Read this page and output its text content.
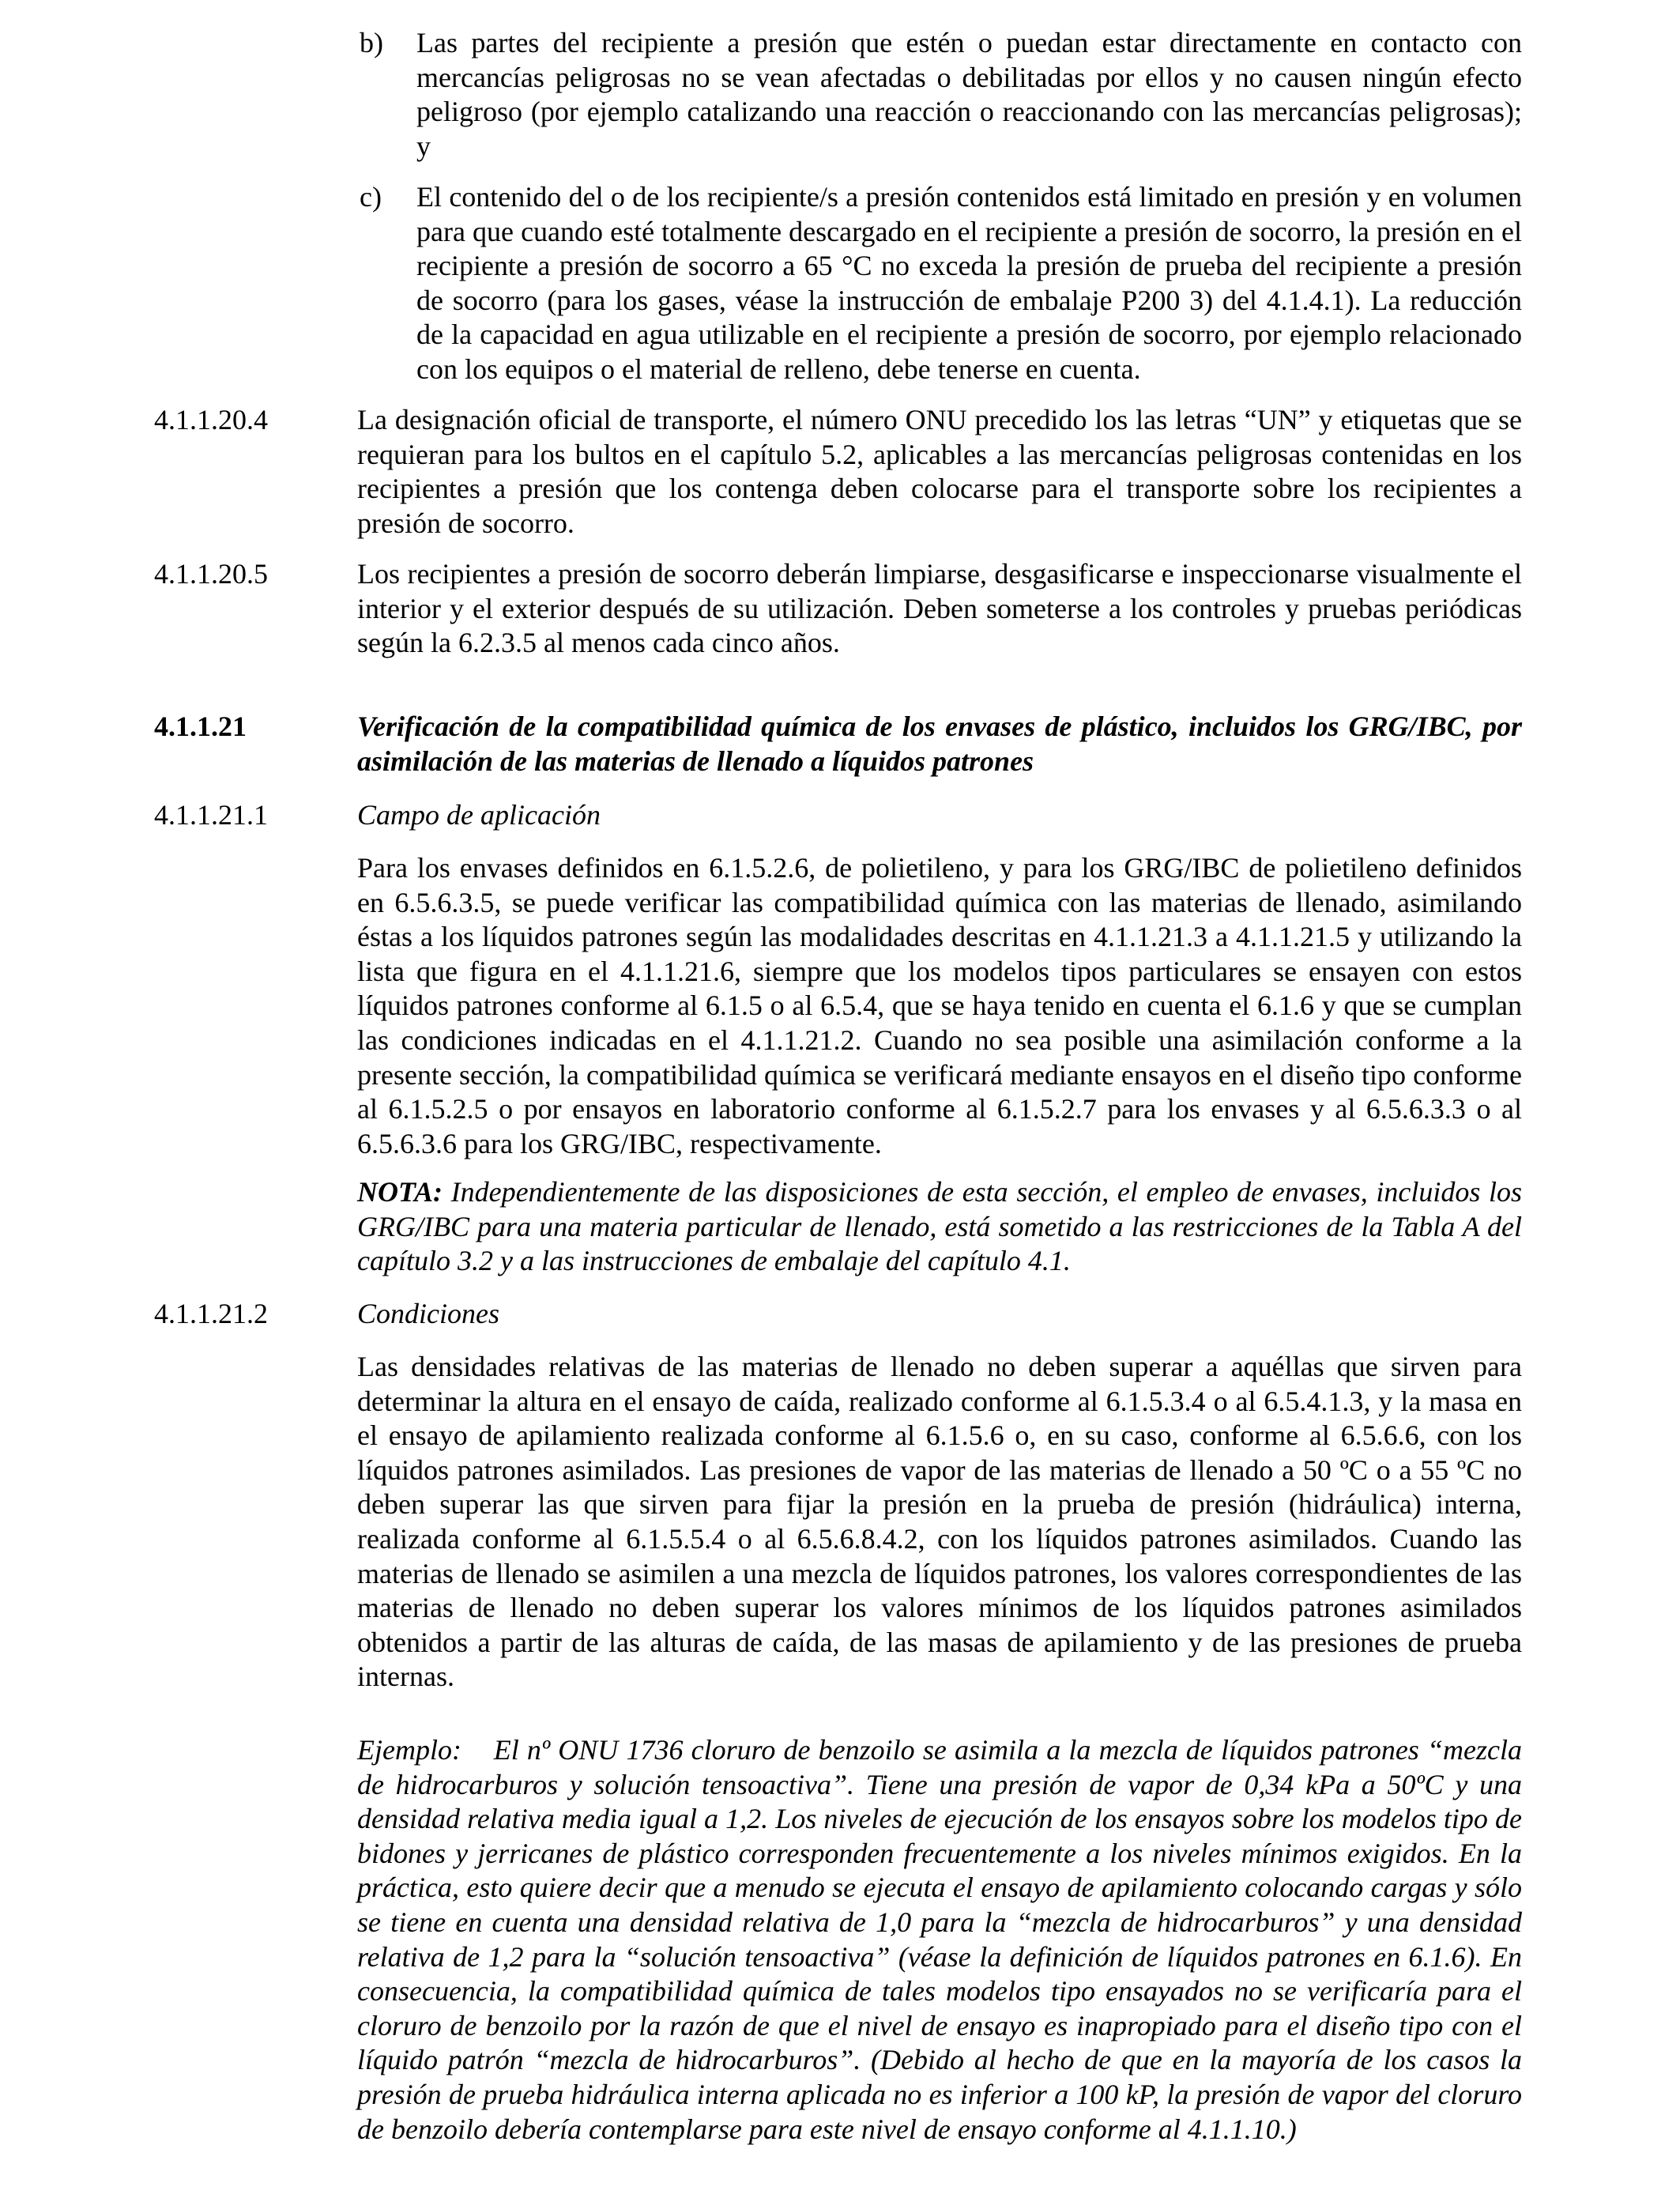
b) Las partes del recipiente a presión que estén o puedan estar directamente en contacto con mercancías peligrosas no se vean afectadas o debilitadas por ellos y no causen ningún efecto peligroso (por ejemplo catalizando una reacción o reaccionando con las mercancías peligrosas); y

c) El contenido del o de los recipiente/s a presión contenidos está limitado en presión y en volumen para que cuando esté totalmente descargado en el recipiente a presión de socorro, la presión en el recipiente a presión de socorro a 65 °C no exceda la presión de prueba del recipiente a presión de socorro (para los gases, véase la instrucción de embalaje P200 3) del 4.1.4.1). La reducción de la capacidad en agua utilizable en el recipiente a presión de socorro, por ejemplo relacionado con los equipos o el material de relleno, debe tenerse en cuenta.

4.1.1.20.4	La designación oficial de transporte, el número ONU precedido los las letras “UN” y etiquetas que se requieran para los bultos en el capítulo 5.2, aplicables a las mercancías peligrosas contenidas en los recipientes a presión que los contenga deben colocarse para el transporte sobre los recipientes a presión de socorro.

4.1.1.20.5	Los recipientes a presión de socorro deberán limpiarse, desgasificarse e inspeccionarse visualmente el interior y el exterior después de su utilización. Deben someterse a los controles y pruebas periódicas según la 6.2.3.5 al menos cada cinco años.

4.1.1.21	Verificación de la compatibilidad química de los envases de plástico, incluidos los GRG/IBC, por asimilación de las materias de llenado a líquidos patrones

4.1.1.21.1	Campo de aplicación

Para los envases definidos en 6.1.5.2.6, de polietileno, y para los GRG/IBC de polietileno definidos en 6.5.6.3.5, se puede verificar las compatibilidad química con las materias de llenado, asimilando éstas a los líquidos patrones según las modalidades descritas en 4.1.1.21.3 a 4.1.1.21.5 y utilizando la lista que figura en el 4.1.1.21.6, siempre que los modelos tipos particulares se ensayen con estos líquidos patrones conforme al 6.1.5 o al 6.5.4, que se haya tenido en cuenta el 6.1.6 y que se cumplan las condiciones indicadas en el 4.1.1.21.2. Cuando no sea posible una asimilación conforme a la presente sección, la compatibilidad química se verificará mediante ensayos en el diseño tipo conforme al 6.1.5.2.5 o por ensayos en laboratorio conforme al 6.1.5.2.7 para los envases y al 6.5.6.3.3 o al 6.5.6.3.6 para los GRG/IBC, respectivamente.

NOTA: Independientemente de las disposiciones de esta sección, el empleo de envases, incluidos los GRG/IBC para una materia particular de llenado, está sometido a las restricciones de la Tabla A del capítulo 3.2 y a las instrucciones de embalaje del capítulo 4.1.

4.1.1.21.2	Condiciones

Las densidades relativas de las materias de llenado no deben superar a aquéllas que sirven para determinar la altura en el ensayo de caída, realizado conforme al 6.1.5.3.4 o al 6.5.4.1.3, y la masa en el ensayo de apilamiento realizada conforme al 6.1.5.6 o, en su caso, conforme al 6.5.6.6, con los líquidos patrones asimilados. Las presiones de vapor de las materias de llenado a 50 ºC o a 55 ºC no deben superar las que sirven para fijar la presión en la prueba de presión (hidráulica) interna, realizada conforme al 6.1.5.5.4 o al 6.5.6.8.4.2, con los líquidos patrones asimilados. Cuando las materias de llenado se asimilen a una mezcla de líquidos patrones, los valores correspondientes de las materias de llenado no deben superar los valores mínimos de los líquidos patrones asimilados obtenidos a partir de las alturas de caída, de las masas de apilamiento y de las presiones de prueba internas.

Ejemplo: El nº ONU 1736 cloruro de benzoilo se asimila a la mezcla de líquidos patrones “mezcla de hidrocarburos y solución tensoactiva”. Tiene una presión de vapor de 0,34 kPa a 50ºC y una densidad relativa media igual a 1,2. Los niveles de ejecución de los ensayos sobre los modelos tipo de bidones y jerricanes de plástico corresponden frecuentemente a los niveles mínimos exigidos. En la práctica, esto quiere decir que a menudo se ejecuta el ensayo de apilamiento colocando cargas y sólo se tiene en cuenta una densidad relativa de 1,0 para la “mezcla de hidrocarburos” y una densidad relativa de 1,2 para la “solución tensoactiva” (véase la definición de líquidos patrones en 6.1.6). En consecuencia, la compatibilidad química de tales modelos tipo ensayados no se verificaría para el cloruro de benzoilo por la razón de que el nivel de ensayo es inapropiado para el diseño tipo con el líquido patrón “mezcla de hidrocarburos”. (Debido al hecho de que en la mayoría de los casos la presión de prueba hidráulica interna aplicada no es inferior a 100 kP, la presión de vapor del cloruro de benzoilo debería contemplarse para este nivel de ensayo conforme al 4.1.1.10.)
